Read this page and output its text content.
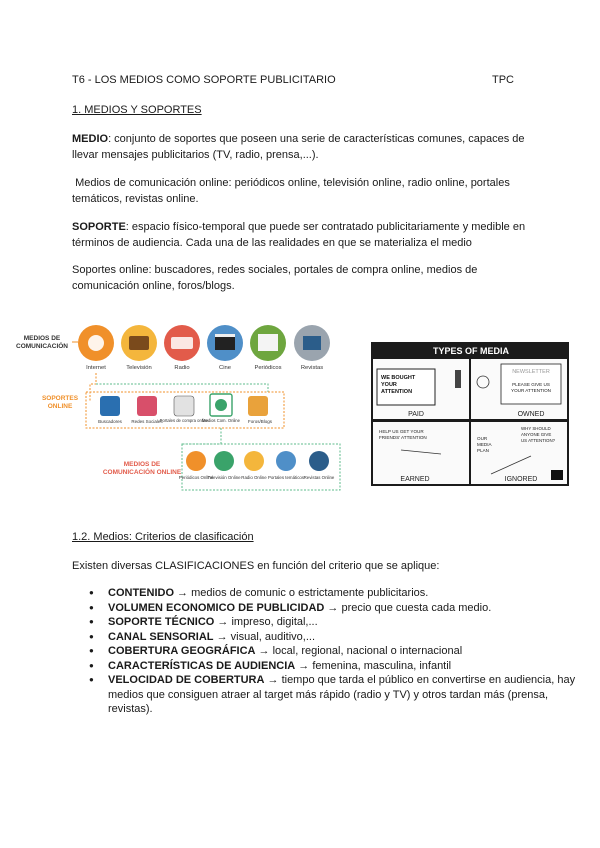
T6 - LOS MEDIOS COMO SOPORTE PUBLICITARIO	TPC
1. MEDIOS Y SOPORTES
MEDIO: conjunto de soportes que poseen una serie de características comunes, capaces de llevar mensajes publicitarios (TV, radio, prensa,...).
Medios de comunicación online: periódicos online, televisión online, radio online, portales temáticos, revistas online.
SOPORTE: espacio físico-temporal que puede ser contratado publicitariamente y medible en términos de audiencia. Cada una de las realidades en que se materializa el medio
Soportes online: buscadores, redes sociales, portales de compra online, medios de comunicación online, foros/blogs.
MEDIOS DE
COMUNICACIÓN
Internet	Televisión	Radio	Cine	Periódicos	Revistas
SOPORTES
ONLINE
Buscadores Redes Sociales
Portales de compra online
Medios Com. Online Foros/Blogs
MEDIOS DE
COMUNICACIÓN ONLINE
Periódicos Online
Televisión Online Radio Online Portales temáticos Revistas Online
TYPES OF MEDIA
WE BOUGHT
YOUR
ATTENTION
PAID
NEWSLETTER
PLEASE GIVE US
YOUR ATTENTION
OWNED
HELP US GET YOUR
FRIENDS' ATTENTION
EARNED
OUR
MEDIA
PLAN
WHY SHOULD
ANYONE GIVE
US ATTENTION?
IGNORED
1.2. Medios: Criterios de clasificación
Existen diversas CLASIFICACIONES en función del criterio que se aplique:
● CONTENIDO → medios de comunic o estrictamente publicitarios.
● VOLUMEN ECONOMICO DE PUBLICIDAD → precio que cuesta cada medio.
● SOPORTE TÉCNICO → impreso, digital,...
● CANAL SENSORIAL → visual, auditivo,...
● COBERTURA GEOGRÁFICA → local, regional, nacional o internacional
● CARACTERÍSTICAS DE AUDIENCIA → femenina, masculina, infantil
● VELOCIDAD DE COBERTURA → tiempo que tarda el público en convertirse en audiencia, hay medios que consiguen atraer al target más rápido (radio y TV) y otros tardan más (prensa, revistas).
